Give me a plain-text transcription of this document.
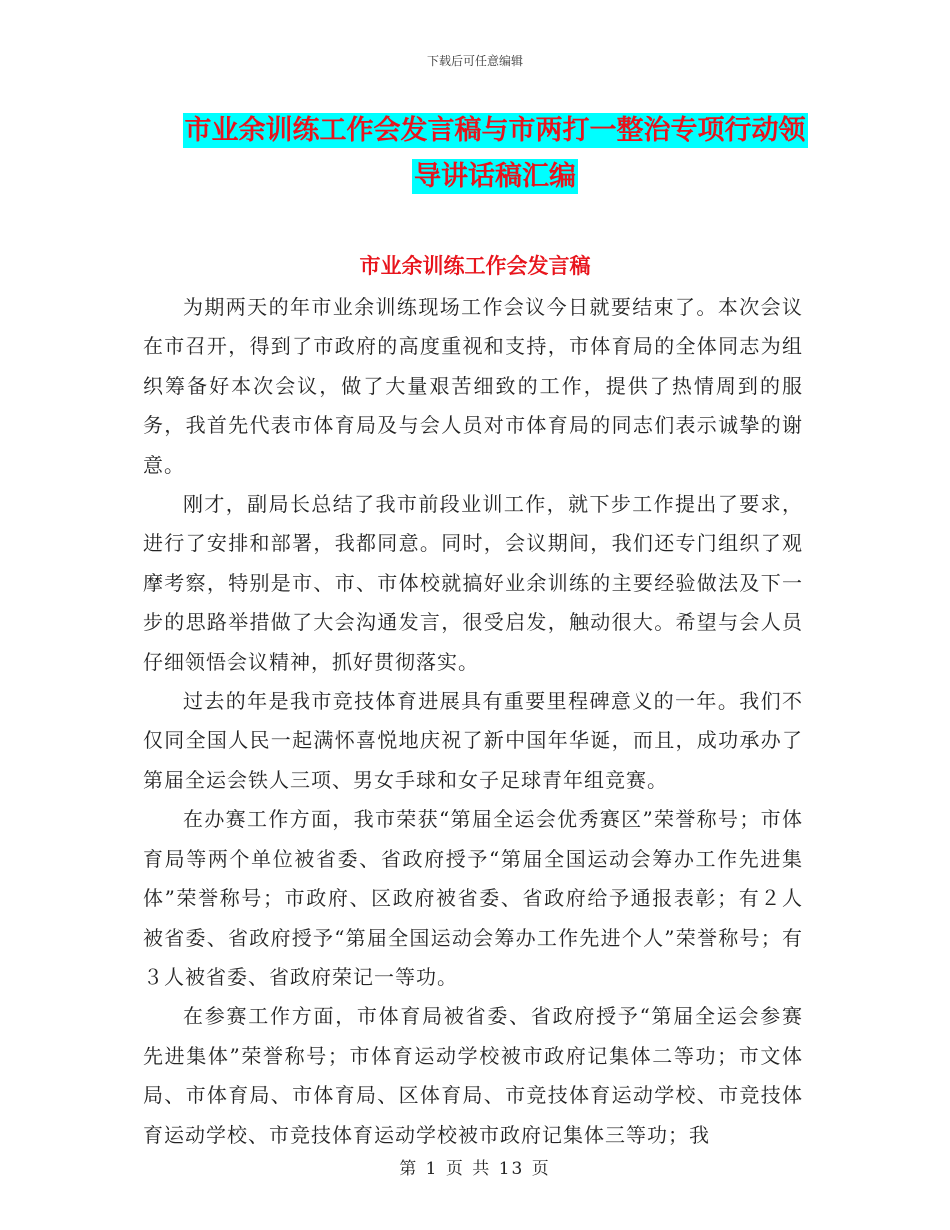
下载后可任意编辑
市业余训练工作会发言稿与市两打一整治专项行动领
导讲话稿汇编
市业余训练工作会发言稿

为期两天的年市业余训练现场工作会议今日就要结束了。本次会议在市召开，得到了市政府的高度重视和支持，市体育局的全体同志为组织筹备好本次会议，做了大量艰苦细致的工作，提供了热情周到的服务，我首先代表市体育局及与会人员对市体育局的同志们表示诚挚的谢意。

刚才，副局长总结了我市前段业训工作，就下步工作提出了要求，进行了安排和部署，我都同意。同时，会议期间，我们还专门组织了观摩考察，特别是市、市、市体校就搞好业余训练的主要经验做法及下一步的思路举措做了大会沟通发言，很受启发，触动很大。希望与会人员仔细领悟会议精神，抓好贯彻落实。

过去的年是我市竞技体育进展具有重要里程碑意义的一年。我们不仅同全国人民一起满怀喜悦地庆祝了新中国年华诞，而且，成功承办了第届全运会铁人三项、男女手球和女子足球青年组竞赛。

在办赛工作方面，我市荣获“第届全运会优秀赛区”荣誉称号；市体育局等两个单位被省委、省政府授予“第届全国运动会筹办工作先进集体”荣誉称号；市政府、区政府被省委、省政府给予通报表彰；有２人被省委、省政府授予“第届全国运动会筹办工作先进个人”荣誉称号；有３人被省委、省政府荣记一等功。

在参赛工作方面，市体育局被省委、省政府授予“第届全运会参赛先进集体”荣誉称号；市体育运动学校被市政府记集体二等功；市文体局、市体育局、市体育局、区体育局、市竞技体育运动学校、市竞技体育运动学校、市竞技体育运动学校被市政府记集体三等功；我

第 1 页 共 13 页
